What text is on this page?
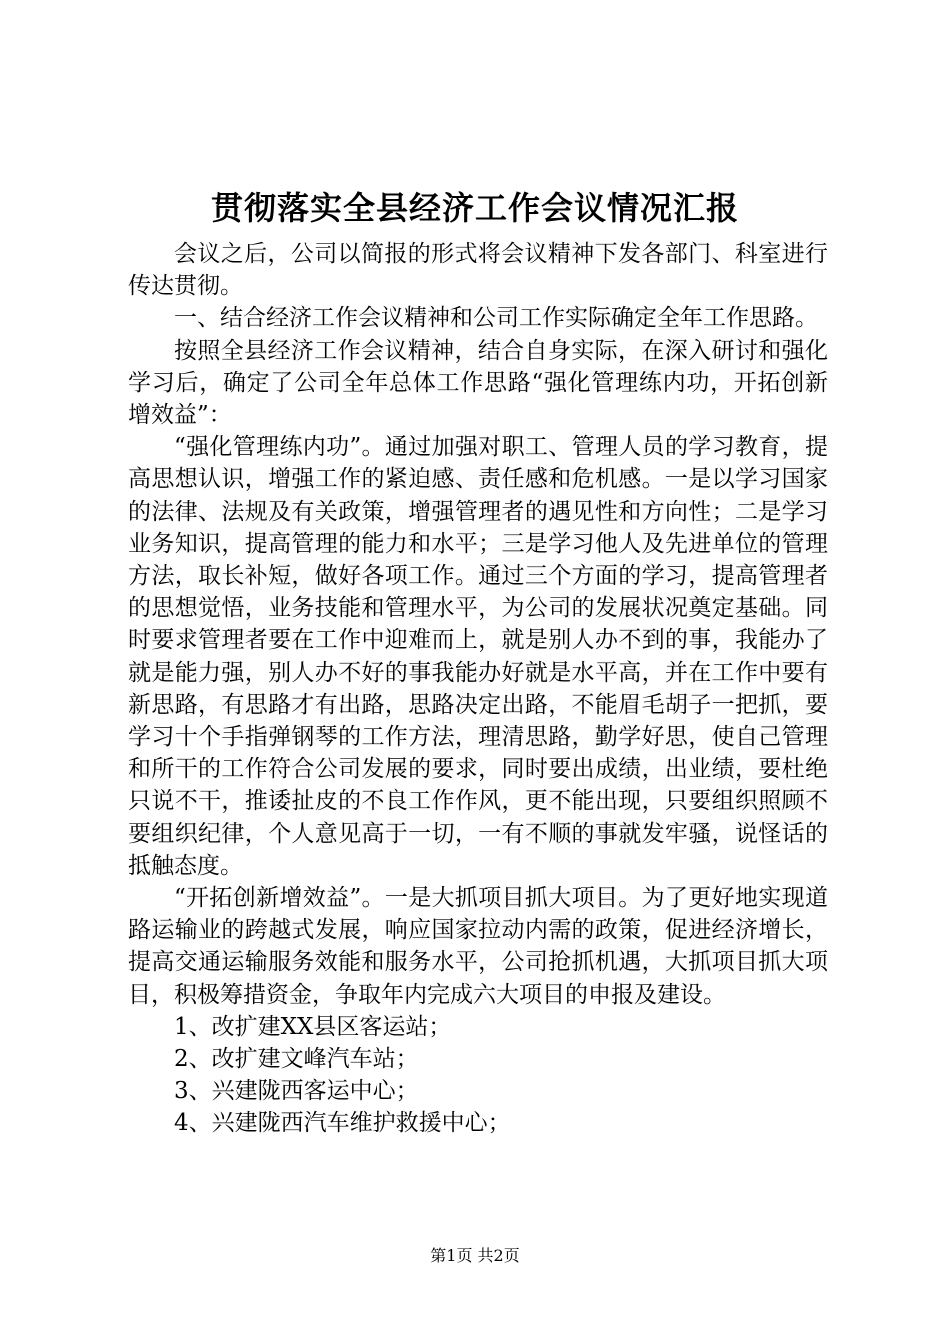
贯彻落实全县经济工作会议情况汇报

会议之后，公司以简报的形式将会议精神下发各部门、科室进行传达贯彻。

一、结合经济工作会议精神和公司工作实际确定全年工作思路。

按照全县经济工作会议精神，结合自身实际，在深入研讨和强化学习后，确定了公司全年总体工作思路“强化管理练内功，开拓创新增效益”：

“强化管理练内功”。通过加强对职工、管理人员的学习教育，提高思想认识，增强工作的紧迫感、责任感和危机感。一是以学习国家的法律、法规及有关政策，增强管理者的遇见性和方向性；二是学习业务知识，提高管理的能力和水平；三是学习他人及先进单位的管理方法，取长补短，做好各项工作。通过三个方面的学习，提高管理者的思想觉悟，业务技能和管理水平，为公司的发展状况奠定基础。同时要求管理者要在工作中迎难而上，就是别人办不到的事，我能办了就是能力强，别人办不好的事我能办好就是水平高，并在工作中要有新思路，有思路才有出路，思路决定出路，不能眉毛胡子一把抓，要学习十个手指弹钢琴的工作方法，理清思路，勤学好思，使自己管理和所干的工作符合公司发展的要求，同时要出成绩，出业绩，要杜绝只说不干，推诿扯皮的不良工作作风，更不能出现，只要组织照顾不要组织纪律，个人意见高于一切，一有不顺的事就发牢骚，说怪话的抵触态度。

“开拓创新增效益”。一是大抓项目抓大项目。为了更好地实现道路运输业的跨越式发展，响应国家拉动内需的政策，促进经济增长，提高交通运输服务效能和服务水平，公司抢抓机遇，大抓项目抓大项目，积极筹措资金，争取年内完成六大项目的申报及建设。

1、改扩建XX县区客运站；

2、改扩建文峰汽车站；

3、兴建陇西客运中心；

4、兴建陇西汽车维护救援中心；

第1页 共2页
